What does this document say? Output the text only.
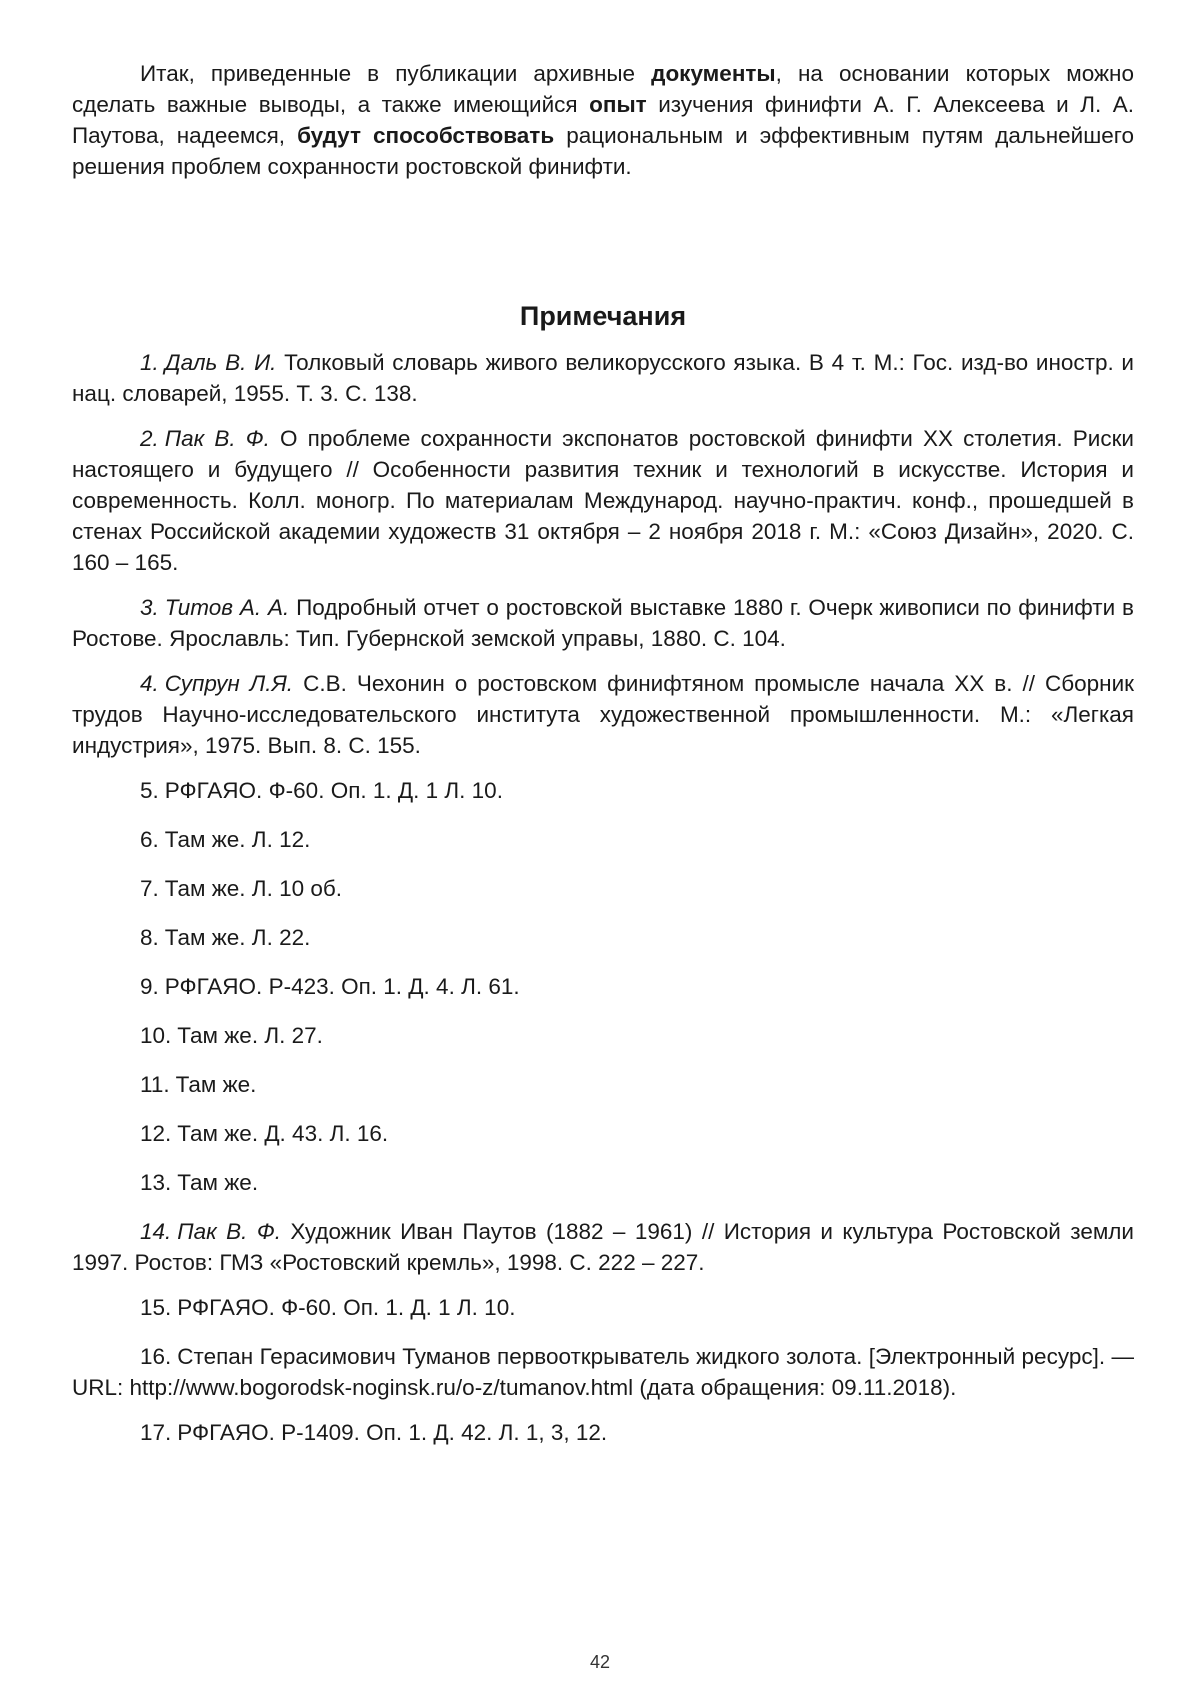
Итак, приведенные в публикации архивные документы, на основании которых можно сделать важные выводы, а также имеющийся опыт изучения финифти А. Г. Алексеева и Л. А. Паутова, надеемся, будут способствовать рациональным и эффективным путям дальнейшего решения проблем сохранности ростовской финифти.

Примечания

1. Даль В. И. Толковый словарь живого великорусского языка. В 4 т. М.: Гос. изд-во иностр. и нац. словарей, 1955. Т. 3. С. 138.

2. Пак В. Ф. О проблеме сохранности экспонатов ростовской финифти XX столетия. Риски настоящего и будущего // Особенности развития техник и технологий в искусстве. История и современность. Колл. моногр. По материалам Международ. научно-практич. конф., прошедшей в стенах Российской академии художеств 31 октября – 2 ноября 2018 г. М.: «Союз Дизайн», 2020. С. 160 – 165.

3. Титов А. А. Подробный отчет о ростовской выставке 1880 г. Очерк живописи по финифти в Ростове. Ярославль: Тип. Губернской земской управы, 1880. С. 104.

4. Супрун Л.Я. С.В. Чехонин о ростовском финифтяном промысле начала XX в. // Сборник трудов Научно-исследовательского института художественной промышленности. М.: «Легкая индустрия», 1975. Вып. 8. С. 155.

5. РФГАЯО. Ф-60. Оп. 1. Д. 1 Л. 10.

6. Там же. Л. 12.

7. Там же. Л. 10 об.

8. Там же. Л. 22.

9. РФГАЯО. Р-423. Оп. 1. Д. 4. Л. 61.

10. Там же. Л. 27.

11. Там же.

12. Там же. Д. 43. Л. 16.

13. Там же.

14. Пак В. Ф. Художник Иван Паутов (1882 – 1961) // История и культура Ростовской земли 1997. Ростов: ГМЗ «Ростовский кремль», 1998. С. 222 – 227.

15. РФГАЯО. Ф-60. Оп. 1. Д. 1 Л. 10.

16. Степан Герасимович Туманов первооткрыватель жидкого золота. [Электронный ресурс]. — URL: http://www.bogorodsk-noginsk.ru/o-z/tumanov.html (дата обращения: 09.11.2018).

17. РФГАЯО. Р-1409. Оп. 1. Д. 42. Л. 1, 3, 12.

42
